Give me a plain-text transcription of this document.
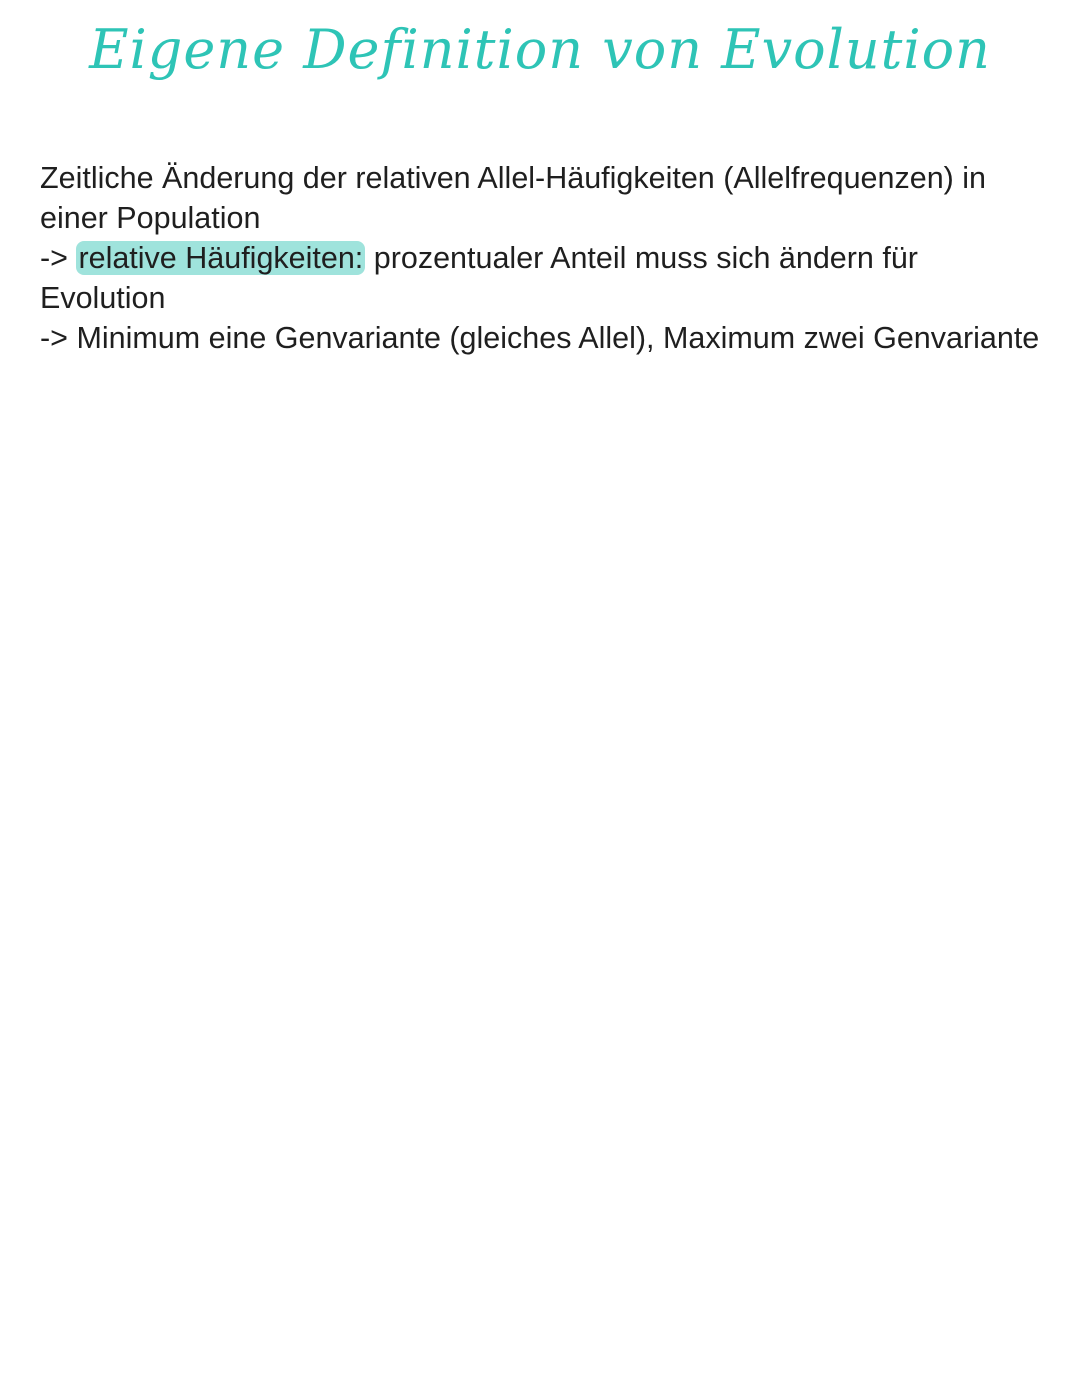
Eigene Definition von Evolution
Zeitliche Änderung der relativen Allel-Häufigkeiten (Allelfrequenzen) in
einer Population
-> relative Häufigkeiten: prozentualer Anteil muss sich ändern für
Evolution
-> Minimum eine Genvariante (gleiches Allel), Maximum zwei Genvariante
